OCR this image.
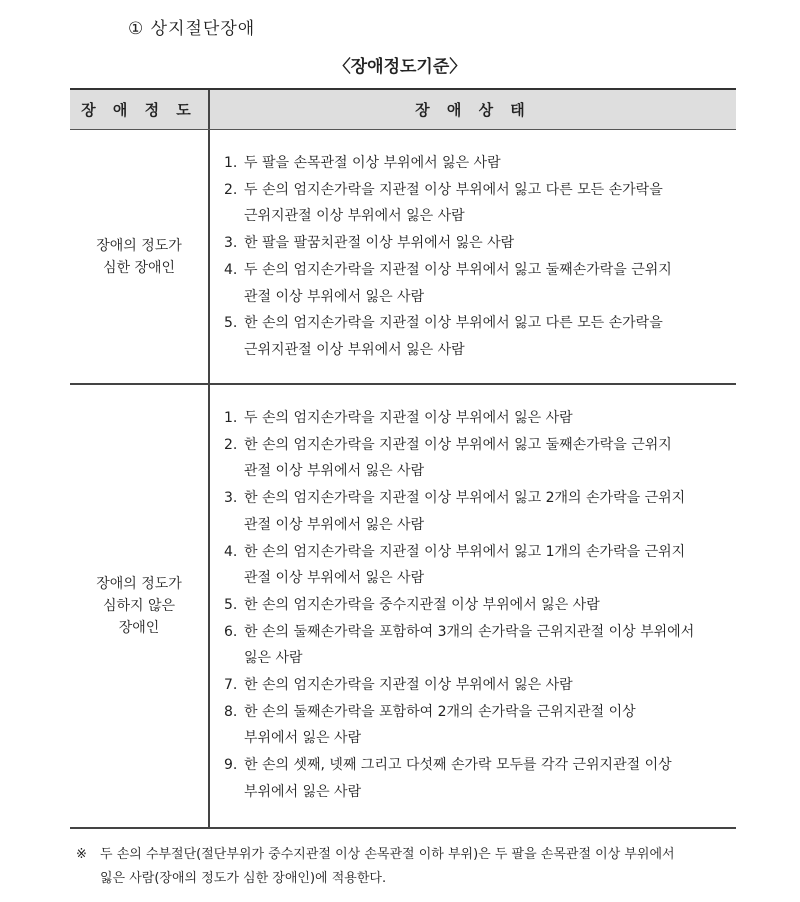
① 상지절단장애
〈장애정도기준〉
장 애 정 도	장 애 상 태
장애의 정도가
심한 장애인
1. 두 팔을 손목관절 이상 부위에서 잃은 사람
2. 두 손의 엄지손가락을 지관절 이상 부위에서 잃고 다른 모든 손가락을
근위지관절 이상 부위에서 잃은 사람
3. 한 팔을 팔꿈치관절 이상 부위에서 잃은 사람
4. 두 손의 엄지손가락을 지관절 이상 부위에서 잃고 둘째손가락을 근위지
관절 이상 부위에서 잃은 사람
5. 한 손의 엄지손가락을 지관절 이상 부위에서 잃고 다른 모든 손가락을
근위지관절 이상 부위에서 잃은 사람
장애의 정도가
심하지 않은
장애인
1. 두 손의 엄지손가락을 지관절 이상 부위에서 잃은 사람
2. 한 손의 엄지손가락을 지관절 이상 부위에서 잃고 둘째손가락을 근위지
관절 이상 부위에서 잃은 사람
3. 한 손의 엄지손가락을 지관절 이상 부위에서 잃고 2개의 손가락을 근위지
관절 이상 부위에서 잃은 사람
4. 한 손의 엄지손가락을 지관절 이상 부위에서 잃고 1개의 손가락을 근위지
관절 이상 부위에서 잃은 사람
5. 한 손의 엄지손가락을 중수지관절 이상 부위에서 잃은 사람
6. 한 손의 둘째손가락을 포함하여 3개의 손가락을 근위지관절 이상 부위에서
잃은 사람
7. 한 손의 엄지손가락을 지관절 이상 부위에서 잃은 사람
8. 한 손의 둘째손가락을 포함하여 2개의 손가락을 근위지관절 이상
부위에서 잃은 사람
9. 한 손의 셋째, 넷째 그리고 다섯째 손가락 모두를 각각 근위지관절 이상
부위에서 잃은 사람
※ 두 손의 수부절단(절단부위가 중수지관절 이상 손목관절 이하 부위)은 두 팔을 손목관절 이상 부위에서
잃은 사람(장애의 정도가 심한 장애인)에 적용한다.
